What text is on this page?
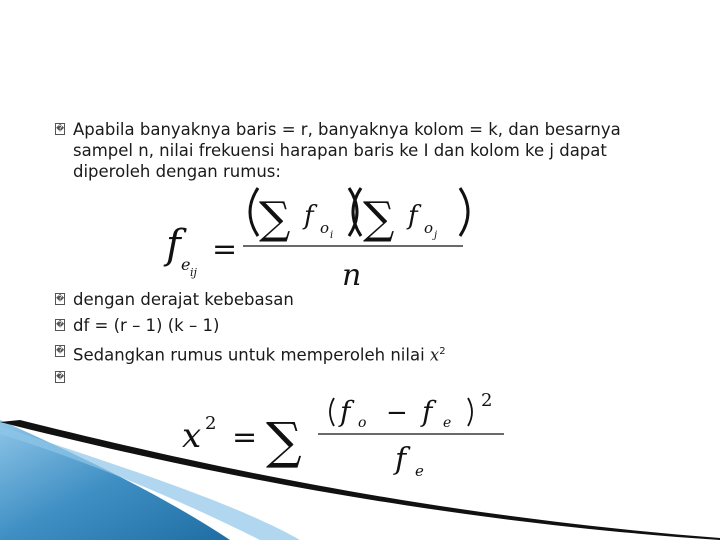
�
�
�
�
�
Apabila banyaknya baris = r, banyaknya kolom = k, dan besarnya
sampel n, nilai frekuensi harapan baris ke I dan kolom ke j dapat
diperoleh dengan rumus:
f e ij
=
∑ f o i ∑ f o j
n
dengan derajat kebebasan
df = (r – 1) (k – 1)
Sedangkan rumus untuk memperoleh nilai $x^2$
x 2 = ∑
f o − f e
2
f e
